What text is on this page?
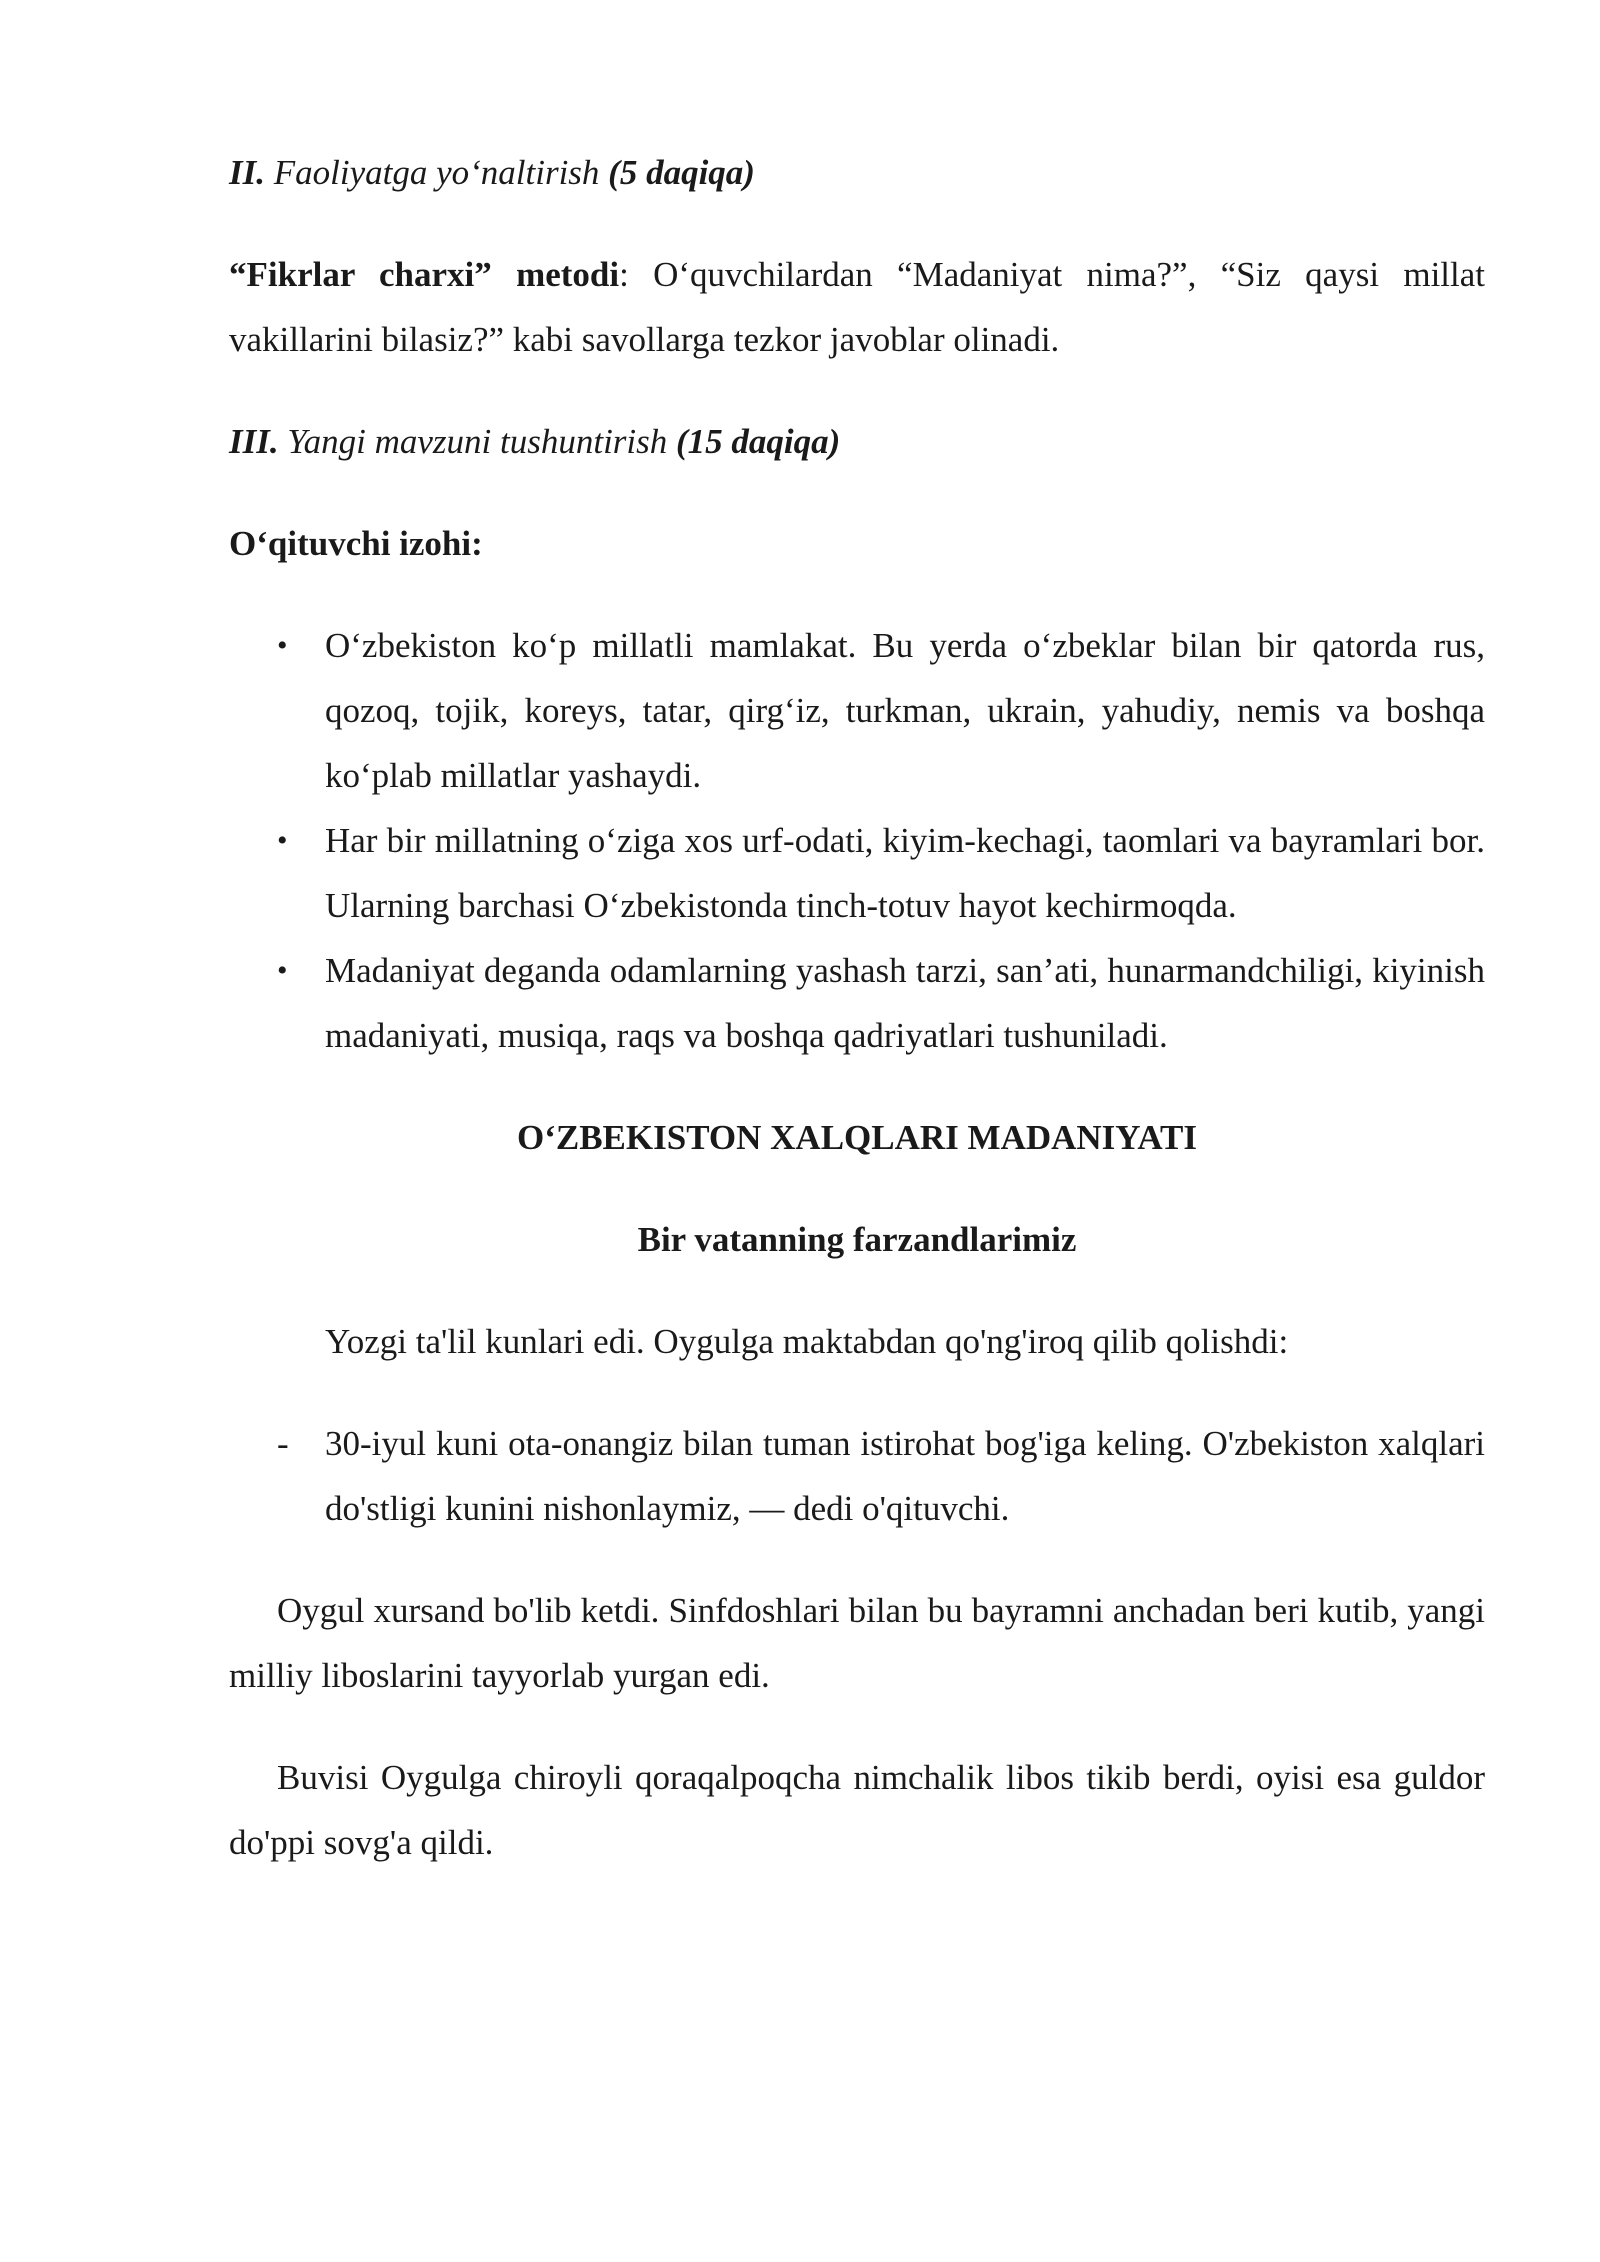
II. Faoliyatga yo‘naltirish (5 daqiqa)

“Fikrlar charxi” metodi: O‘quvchilardan “Madaniyat nima?”, “Siz qaysi millat vakillarini bilasiz?” kabi savollarga tezkor javoblar olinadi.

III. Yangi mavzuni tushuntirish (15 daqiqa)

O‘qituvchi izohi:

• O‘zbekiston ko‘p millatli mamlakat. Bu yerda o‘zbeklar bilan bir qatorda rus, qozoq, tojik, koreys, tatar, qirg‘iz, turkman, ukrain, yahudiy, nemis va boshqa ko‘plab millatlar yashaydi.
• Har bir millatning o‘ziga xos urf-odati, kiyim-kechagi, taomlari va bayramlari bor. Ularning barchasi O‘zbekistonda tinch-totuv hayot kechirmoqda.
• Madaniyat deganda odamlarning yashash tarzi, san’ati, hunarmandchiligi, kiyinish madaniyati, musiqa, raqs va boshqa qadriyatlari tushuniladi.

O‘ZBEKISTON XALQLARI MADANIYATI

Bir vatanning farzandlarimiz

Yozgi ta'lil kunlari edi. Oygulga maktabdan qo'ng'iroq qilib qolishdi:

- 30-iyul kuni ota-onangiz bilan tuman istirohat bog'iga keling. O'zbekiston xalqlari do'stligi kunini nishonlaymiz, — dedi o'qituvchi.

Oygul xursand bo'lib ketdi. Sinfdoshlari bilan bu bayramni anchadan beri kutib, yangi milliy liboslarini tayyorlab yurgan edi.

Buvisi Oygulga chiroyli qoraqalpoqcha nimchalik libos tikib berdi, oyisi esa guldor do'ppi sovg'a qildi.
